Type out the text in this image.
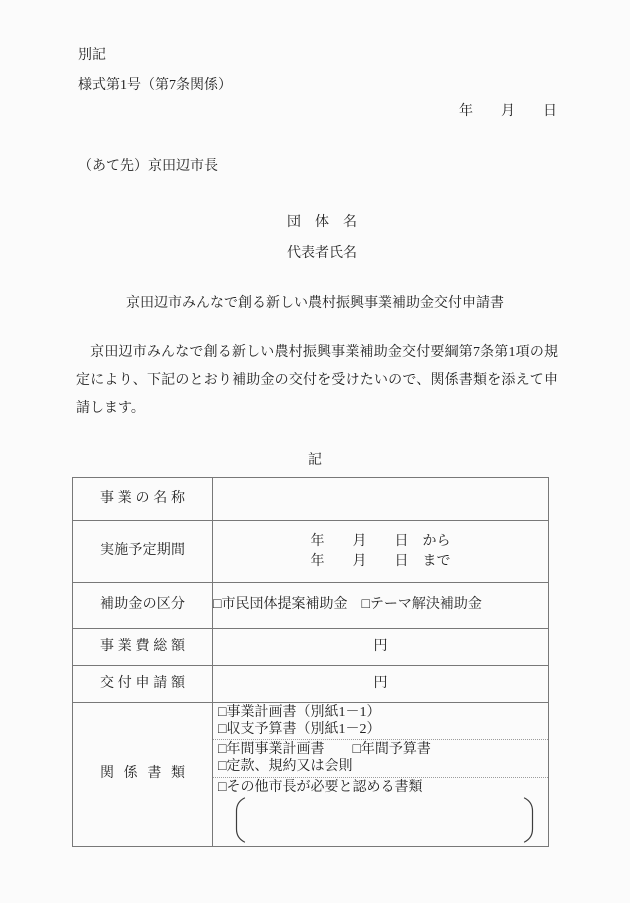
別記
様式第1号（第7条関係）
年　　月　　日
（あて先）京田辺市長
団　体　名
代表者氏名
京田辺市みんなで創る新しい農村振興事業補助金交付申請書
　京田辺市みんなで創る新しい農村振興事業補助金交付要綱第7条第1項の規定により、下記のとおり補助金の交付を受けたいので、関係書類を添えて申請します。
記
事業の名称	

実施予定期間	年　　月　　日　から
年　　月　　日　まで

補助金の区分	□市民団体提案補助金　□テーマ解決補助金

事業費総額	円

交付申請額	円

関係書類	□事業計画書（別紙1－1）
□収支予算書（別紙1－2）
□年間事業計画書　　□年間予算書
□定款、規約又は会則
□その他市長が必要と認める書類
